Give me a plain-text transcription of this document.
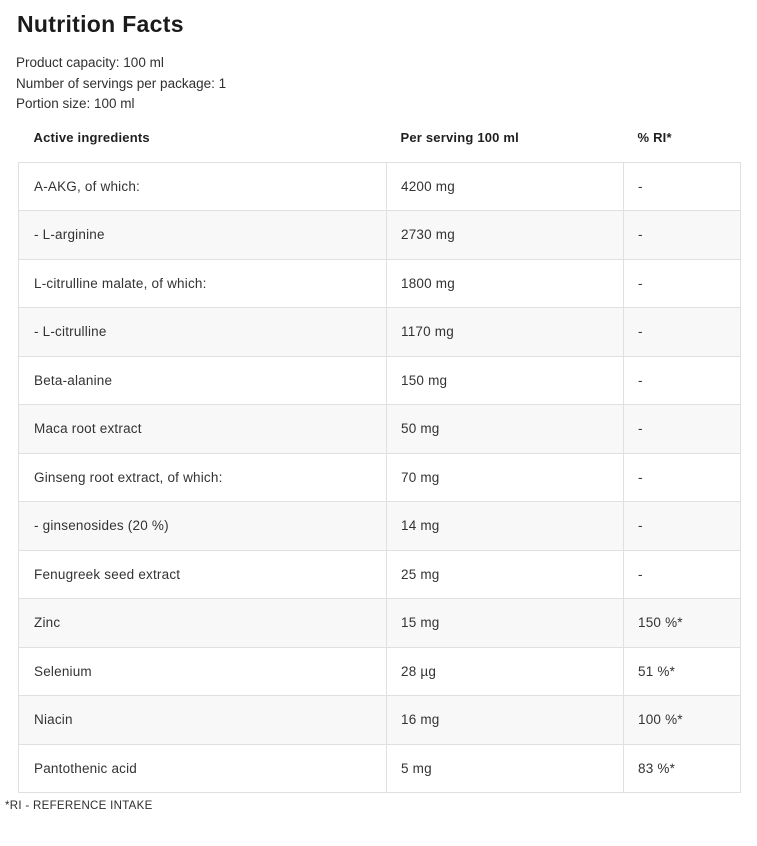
Nutrition Facts

Product capacity: 100 ml

Number of servings per package: 1

Portion size: 100 ml

Active ingredients	Per serving 100 ml	% RI*
A-AKG, of which:	4200 mg	-
- L-arginine	2730 mg	-
L-citrulline malate, of which:	1800 mg	-
- L-citrulline	1170 mg	-
Beta-alanine	150 mg	-
Maca root extract	50 mg	-
Ginseng root extract, of which:	70 mg	-
- ginsenosides (20 %)	14 mg	-
Fenugreek seed extract	25 mg	-
Zinc	15 mg	150 %*
Selenium	28 µg	51 %*
Niacin	16 mg	100 %*
Pantothenic acid	5 mg	83 %*

*RI - REFERENCE INTAKE
